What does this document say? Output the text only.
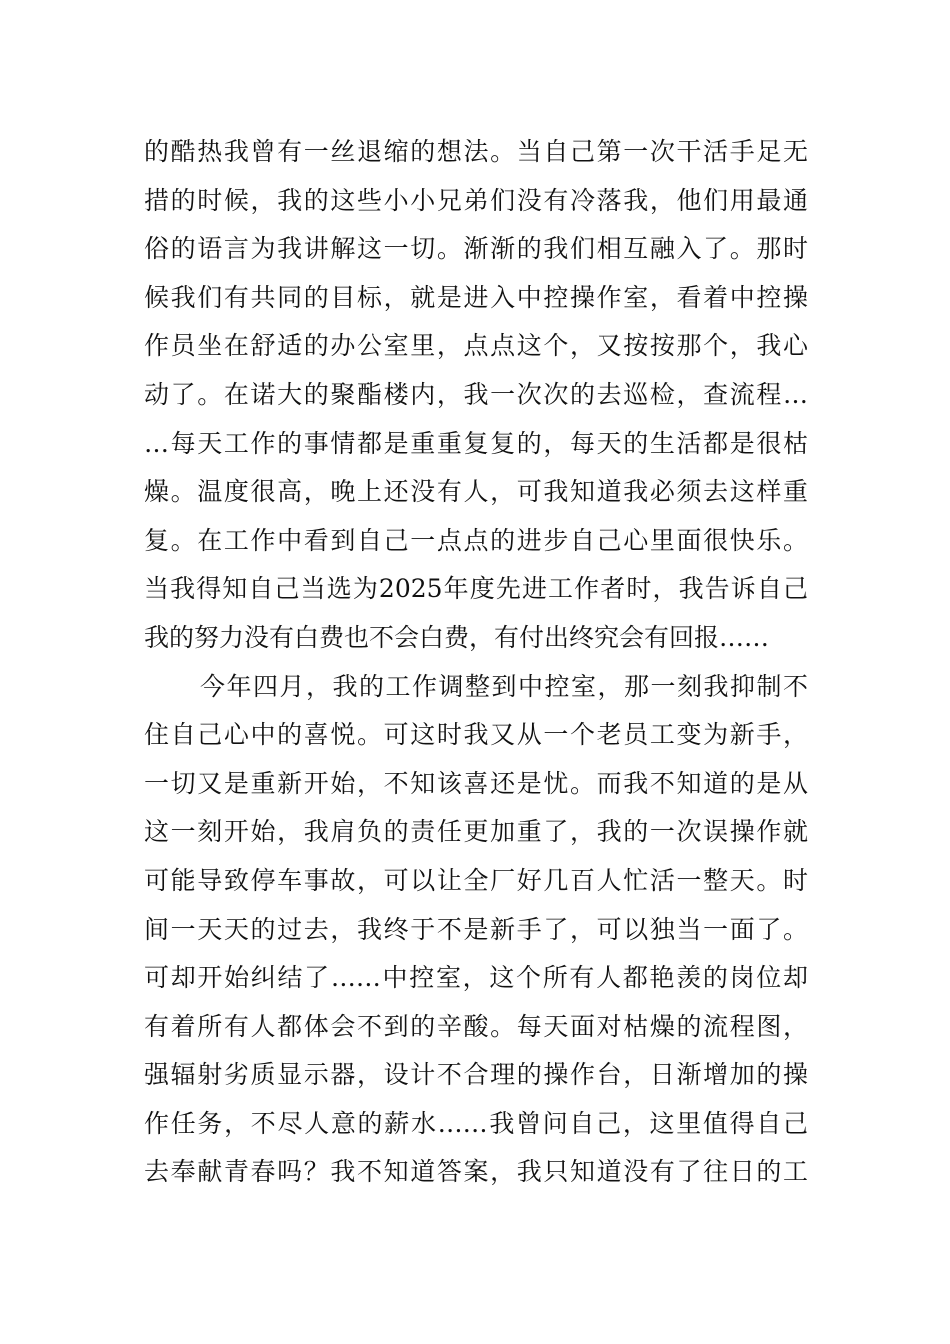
的酷热我曾有一丝退缩的想法。当自己第一次干活手足无
措的时候，我的这些小小兄弟们没有冷落我，他们用最通
俗的语言为我讲解这一切。渐渐的我们相互融入了。那时
候我们有共同的目标，就是进入中控操作室，看着中控操
作员坐在舒适的办公室里，点点这个，又按按那个，我心
动了。在诺大的聚酯楼内，我一次次的去巡检，查流程…
…每天工作的事情都是重重复复的，每天的生活都是很枯
燥。温度很高，晚上还没有人，可我知道我必须去这样重
复。在工作中看到自己一点点的进步自己心里面很快乐。
当我得知自己当选为2025年度先进工作者时，我告诉自己
我的努力没有白费也不会白费，有付出终究会有回报……
今年四月，我的工作调整到中控室，那一刻我抑制不
住自己心中的喜悦。可这时我又从一个老员工变为新手，
一切又是重新开始，不知该喜还是忧。而我不知道的是从
这一刻开始，我肩负的责任更加重了，我的一次误操作就
可能导致停车事故，可以让全厂好几百人忙活一整天。时
间一天天的过去，我终于不是新手了，可以独当一面了。
可却开始纠结了……中控室，这个所有人都艳羡的岗位却
有着所有人都体会不到的辛酸。每天面对枯燥的流程图，
强辐射劣质显示器，设计不合理的操作台，日渐增加的操
作任务，不尽人意的薪水……我曾问自己，这里值得自己
去奉献青春吗？我不知道答案，我只知道没有了往日的工
